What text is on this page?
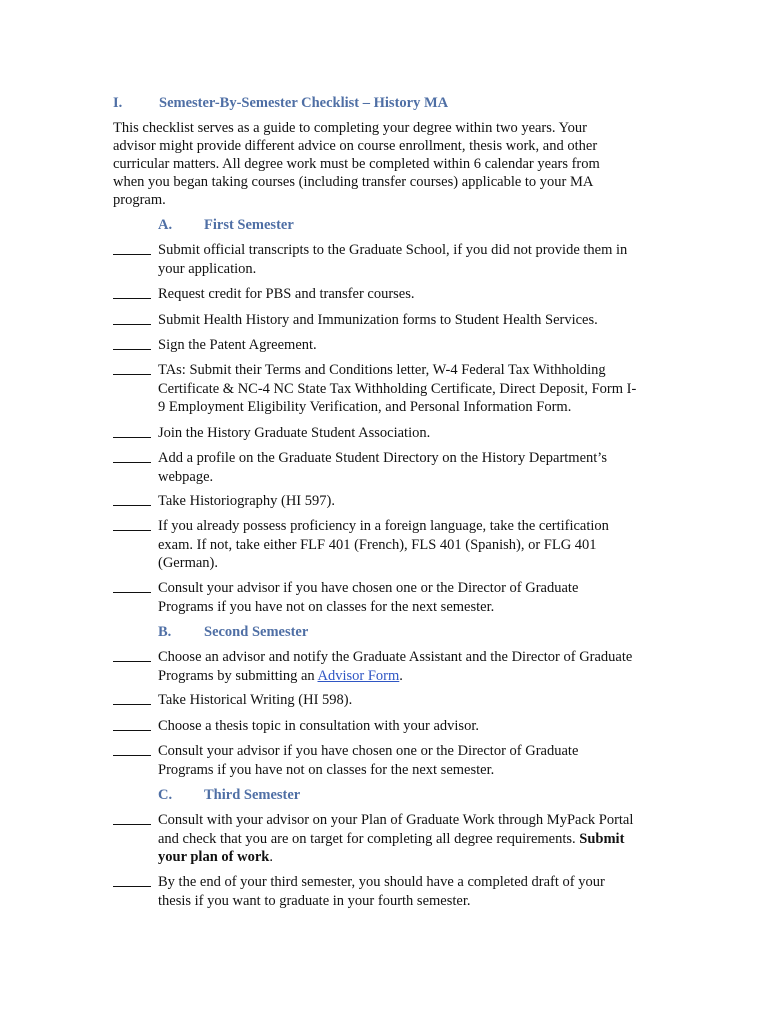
I.	Semester-By-Semester Checklist – History MA
This checklist serves as a guide to completing your degree within two years. Your advisor might provide different advice on course enrollment, thesis work, and other curricular matters. All degree work must be completed within 6 calendar years from when you began taking courses (including transfer courses) applicable to your MA program.
A. First Semester
Submit official transcripts to the Graduate School, if you did not provide them in your application.
Request credit for PBS and transfer courses.
Submit Health History and Immunization forms to Student Health Services.
Sign the Patent Agreement.
TAs: Submit their Terms and Conditions letter, W-4 Federal Tax Withholding Certificate & NC-4 NC State Tax Withholding Certificate, Direct Deposit, Form I-9 Employment Eligibility Verification, and Personal Information Form.
Join the History Graduate Student Association.
Add a profile on the Graduate Student Directory on the History Department’s webpage.
Take Historiography (HI 597).
If you already possess proficiency in a foreign language, take the certification exam. If not, take either FLF 401 (French), FLS 401 (Spanish), or FLG 401 (German).
Consult your advisor if you have chosen one or the Director of Graduate Programs if you have not on classes for the next semester.
B. Second Semester
Choose an advisor and notify the Graduate Assistant and the Director of Graduate Programs by submitting an Advisor Form.
Take Historical Writing (HI 598).
Choose a thesis topic in consultation with your advisor.
Consult your advisor if you have chosen one or the Director of Graduate Programs if you have not on classes for the next semester.
C. Third Semester
Consult with your advisor on your Plan of Graduate Work through MyPack Portal and check that you are on target for completing all degree requirements. Submit your plan of work.
By the end of your third semester, you should have a completed draft of your thesis if you want to graduate in your fourth semester.
